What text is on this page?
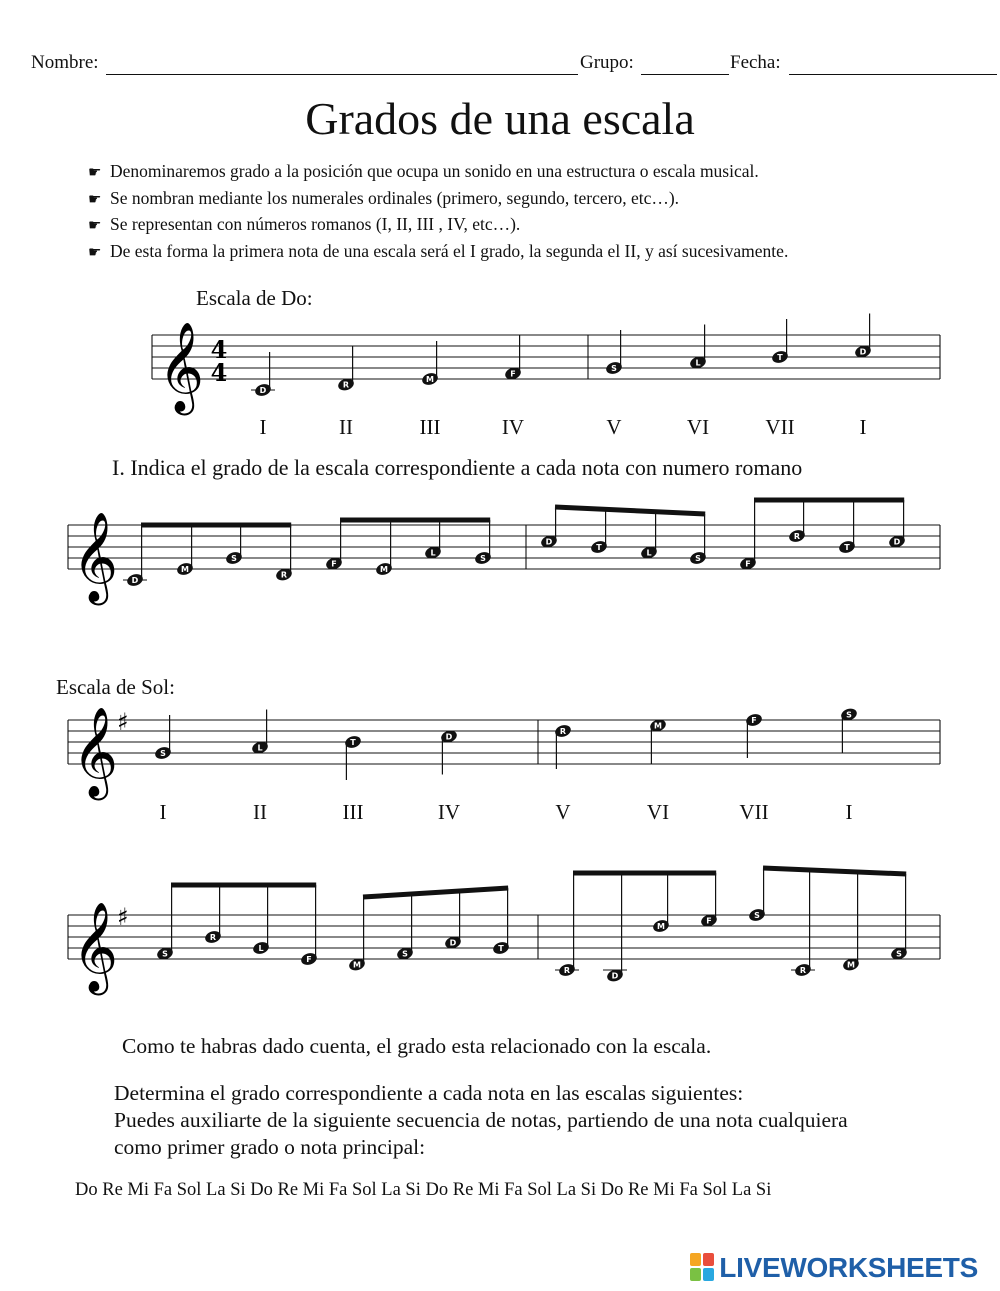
Nombre:	Grupo:	Fecha:
Grados de una escala
☛ Denominaremos grado a la posición que ocupa un sonido en una estructura o escala musical.
☛ Se nombran mediante los numerales ordinales (primero, segundo, tercero, etc…).
☛ Se representan con números romanos (I, II, III , IV, etc…).
☛ De esta forma la primera nota de una escala será el I grado, la segunda el II, y así sucesivamente.
Escala de Do:
𝄞 4
4
D
R
M
F
S
L
T
D
I	II	III	IV	V	VI	VII	I
I. Indica el grado de la escala correspondiente a cada nota con numero romano
𝄞 D
M
S
R
F
M
L
S
D
T
L
S
F
R
T
D
Escala de Sol:
𝄞
♯
S
L
T
D
R
M
F
S
I	II	III	IV	V	VI	VII	I
𝄞
♯
S
R
L
F
M
S
D
T
R
D
M
F
S
R
M
S
Como te habras dado cuenta, el grado esta relacionado con la escala.
Determina el grado correspondiente a cada nota en las escalas siguientes:
Puedes auxiliarte de la siguiente secuencia de notas, partiendo de una nota cualquiera
como primer grado o nota principal:
Do Re Mi Fa Sol La Si Do Re Mi Fa Sol La Si Do Re Mi Fa Sol La Si Do Re Mi Fa Sol La Si
LIVEWORKSHEETS
